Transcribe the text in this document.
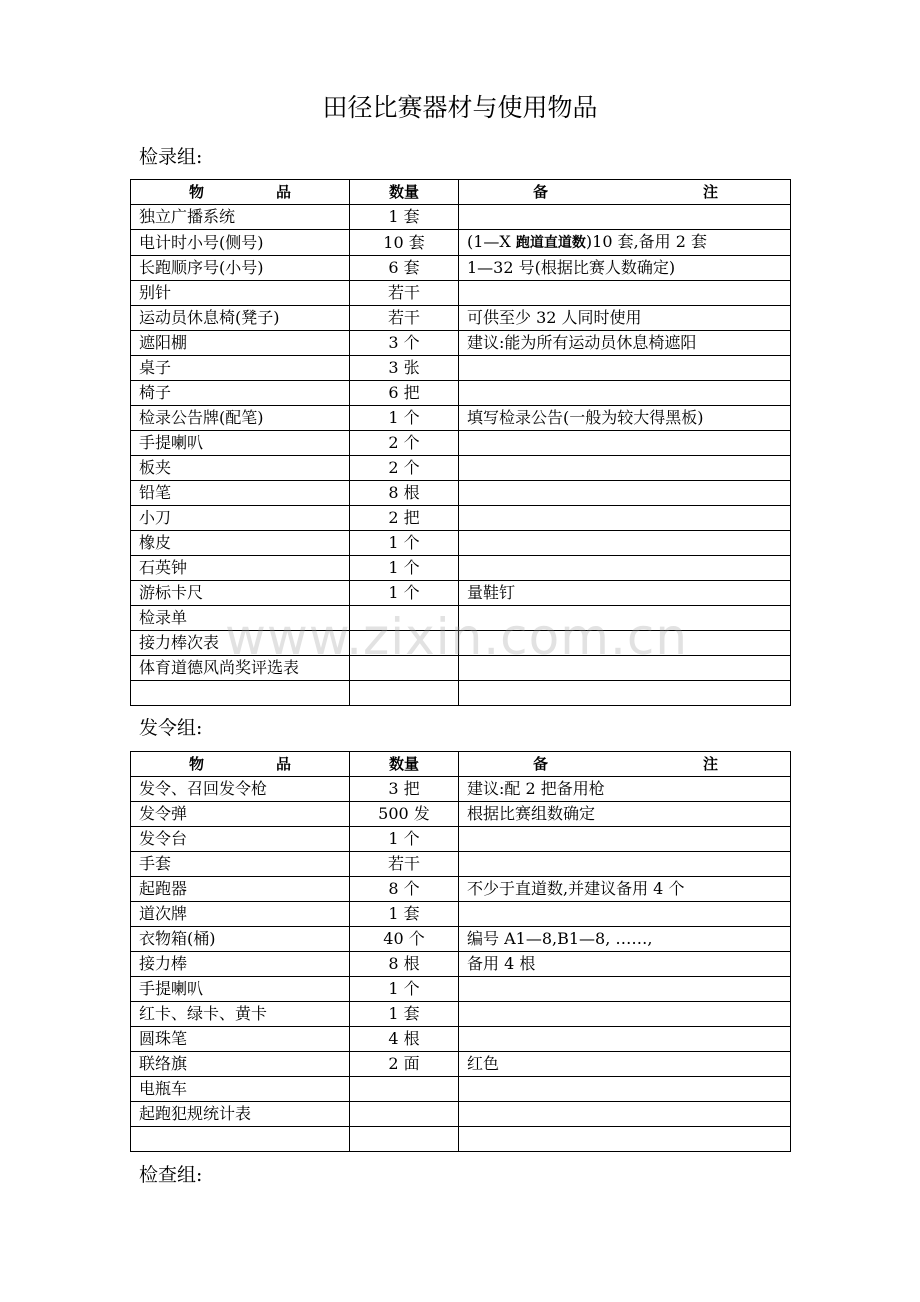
田径比赛器材与使用物品
检录组:
物 品	数量	备 注

独立广播系统	1 套	
电计时小号(侧号)	10 套	(1—X 跑道直道数)10 套,备用 2 套
长跑顺序号(小号)	6 套	1—32 号(根据比赛人数确定)
别针	若干	
运动员休息椅(凳子)	若干	可供至少 32 人同时使用
遮阳棚	3 个	建议:能为所有运动员休息椅遮阳
桌子	3 张	
椅子	6 把	
检录公告牌(配笔)	1 个	填写检录公告(一般为较大得黑板)
手提喇叭	2 个	
板夹	2 个	
铅笔	8 根	
小刀	2 把	
橡皮	1 个	
石英钟	1 个	
游标卡尺	1 个	量鞋钉
检录单		
接力棒次表		
体育道德风尚奖评选表		

发令组:
物 品	数量	备 注

发令、召回发令枪	3 把	建议:配 2 把备用枪
发令弹	500 发	根据比赛组数确定
发令台	1 个	
手套	若干	
起跑器	8 个	不少于直道数,并建议备用 4 个
道次牌	1 套	
衣物箱(桶)	40 个	编号 A1—8,B1—8, ……,
接力棒	8 根	备用 4 根
手提喇叭	1 个	
红卡、绿卡、黄卡	1 套	
圆珠笔	4 根	
联络旗	2 面	红色
电瓶车		
起跑犯规统计表		

检查组:
www.zixin.com.cn
